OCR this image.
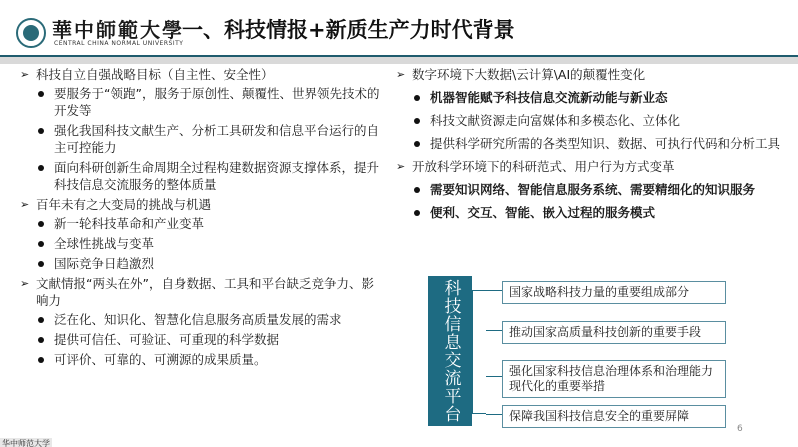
華中師範大學
CENTRAL CHINA NORMAL UNIVERSITY
一、科技情报+新质生产力时代背景
➢ 科技自立自强战略目标（自主性、安全性）
要服务于“领跑”，服务于原创性、颠覆性、世界领先技术的开发等
强化我国科技文献生产、分析工具研发和信息平台运行的自主可控能力
面向科研创新生命周期全过程构建数据资源支撑体系，提升科技信息交流服务的整体质量
➢ 百年未有之大变局的挑战与机遇
新一轮科技革命和产业变革
全球性挑战与变革
国际竞争日趋激烈
➢ 文献情报“两头在外”，自身数据、工具和平台缺乏竞争力、影响力
泛在化、知识化、智慧化信息服务高质量发展的需求
提供可信任、可验证、可重现的科学数据
可评价、可靠的、可溯源的成果质量。
➢ 数字环境下大数据\云计算\AI的颠覆性变化
机器智能赋予科技信息交流新动能与新业态
科技文献资源走向富媒体和多模态化、立体化
提供科学研究所需的各类型知识、数据、可执行代码和分析工具
➢ 开放科学环境下的科研范式、用户行为方式变革
需要知识网络、智能信息服务系统、需要精细化的知识服务
便利、交互、智能、嵌入过程的服务模式
科技信息交流平台	国家战略科技力量的重要组成部分
推动国家高质量科技创新的重要手段
强化国家科技信息治理体系和治理能力现代化的重要举措
保障我国科技信息安全的重要屏障
6
华中师范大学
